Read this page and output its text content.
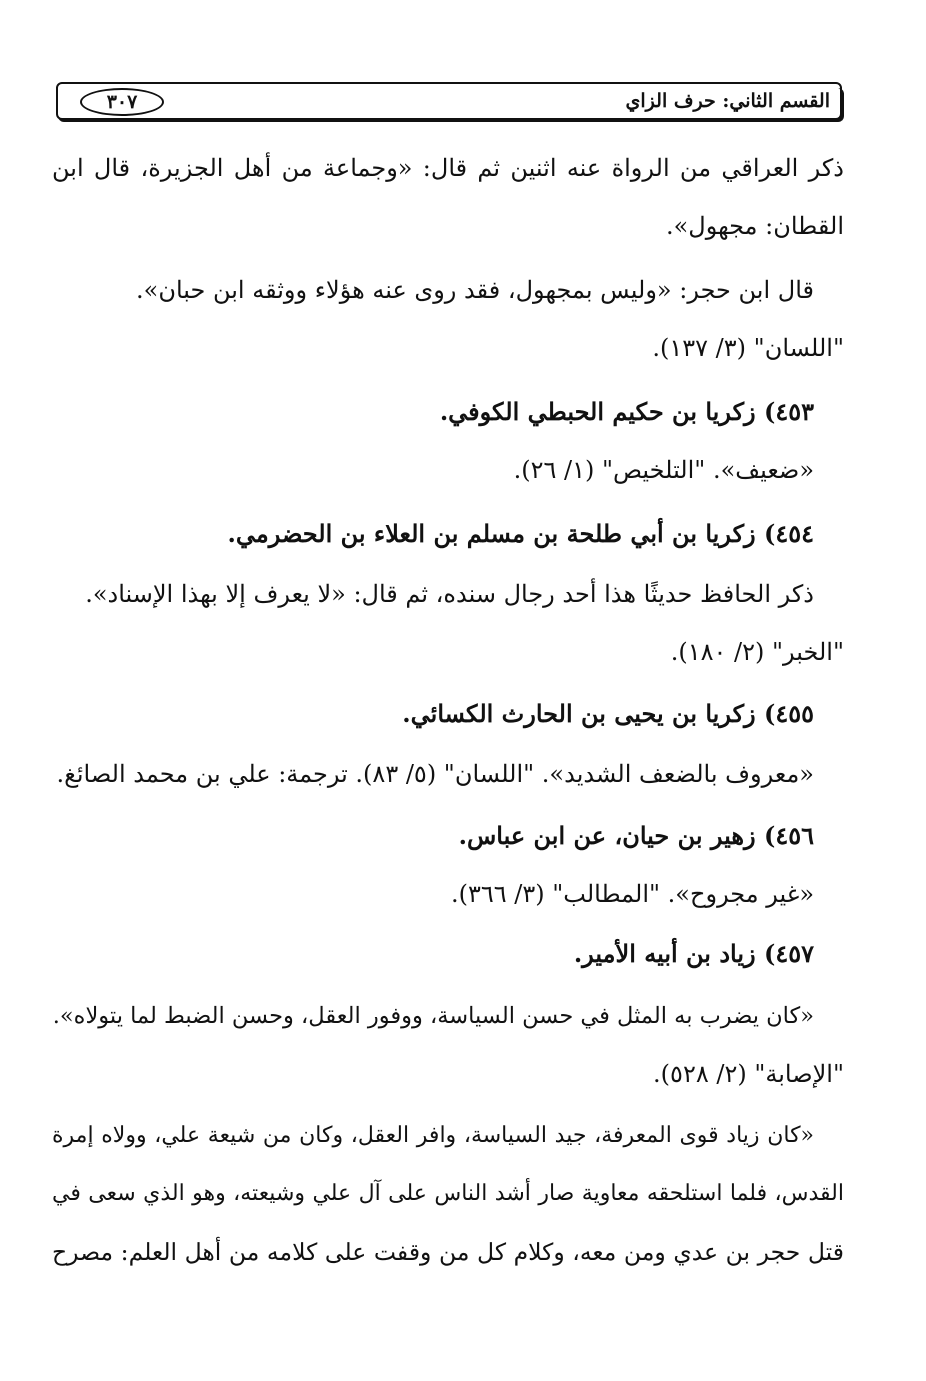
القسم الثاني: حرف الزاي
٣٠٧
ذكر العراقي من الرواة عنه اثنين ثم قال: «وجماعة من أهل الجزيرة، قال ابن
القطان: مجهول».
قال ابن حجر: «وليس بمجهول، فقد روى عنه هؤلاء ووثقه ابن حبان».
"اللسان" (٣/ ١٣٧).
٤٥٣) زكريا بن حكيم الحبطي الكوفي.
«ضعيف». "التلخيص" (١/ ٢٦).
٤٥٤) زكريا بن أبي طلحة بن مسلم بن العلاء بن الحضرمي.
ذكر الحافظ حديثًا هذا أحد رجال سنده، ثم قال: «لا يعرف إلا بهذا الإسناد».
"الخبر" (٢/ ١٨٠).
٤٥٥) زكريا بن يحيى بن الحارث الكسائي.
«معروف بالضعف الشديد». "اللسان" (٥/ ٨٣). ترجمة: علي بن محمد الصائغ.
٤٥٦) زهير بن حيان، عن ابن عباس.
«غير مجروح». "المطالب" (٣/ ٣٦٦).
٤٥٧) زياد بن أبيه الأمير.
«كان يضرب به المثل في حسن السياسة، ووفور العقل، وحسن الضبط لما يتولاه».
"الإصابة" (٢/ ٥٢٨).
«كان زياد قوى المعرفة، جيد السياسة، وافر العقل، وكان من شيعة علي، وولاه إمرة
القدس، فلما استلحقه معاوية صار أشد الناس على آل علي وشيعته، وهو الذي سعى في
قتل حجر بن عدي ومن معه، وكلام كل من وقفت على كلامه من أهل العلم: مصرح
